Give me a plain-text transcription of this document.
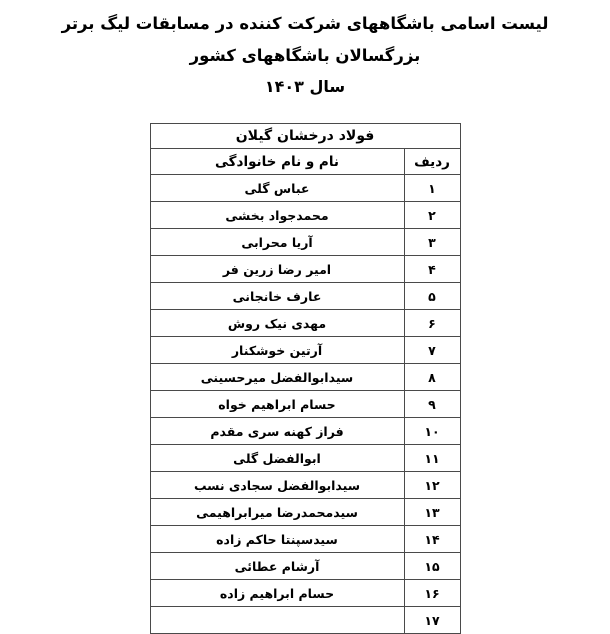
لیست اسامی باشگاههای شرکت کننده در مسابقات لیگ برتر بزرگسالان باشگاههای کشور
سال ۱۴۰۳
فولاد درخشان گیلان	
ردیف	نام و نام خانوادگی
۱	عباس گلی
۲	محمدجواد بخشی
۳	آریا محرابی
۴	امیر رضا زرین فر
۵	عارف خانجانی
۶	مهدی نیک روش
۷	آرتین خوشکنار
۸	سیدابوالفضل میرحسینی
۹	حسام ابراهیم خواه
۱۰	فراز کهنه سری مقدم
۱۱	ابوالفضل گلی
۱۲	سیدابوالفضل سجادی نسب
۱۳	سیدمحمدرضا میرابراهیمی
۱۴	سیدسپنتا حاکم زاده
۱۵	آرشام عطائی
۱۶	حسام ابراهیم زاده
۱۷	
